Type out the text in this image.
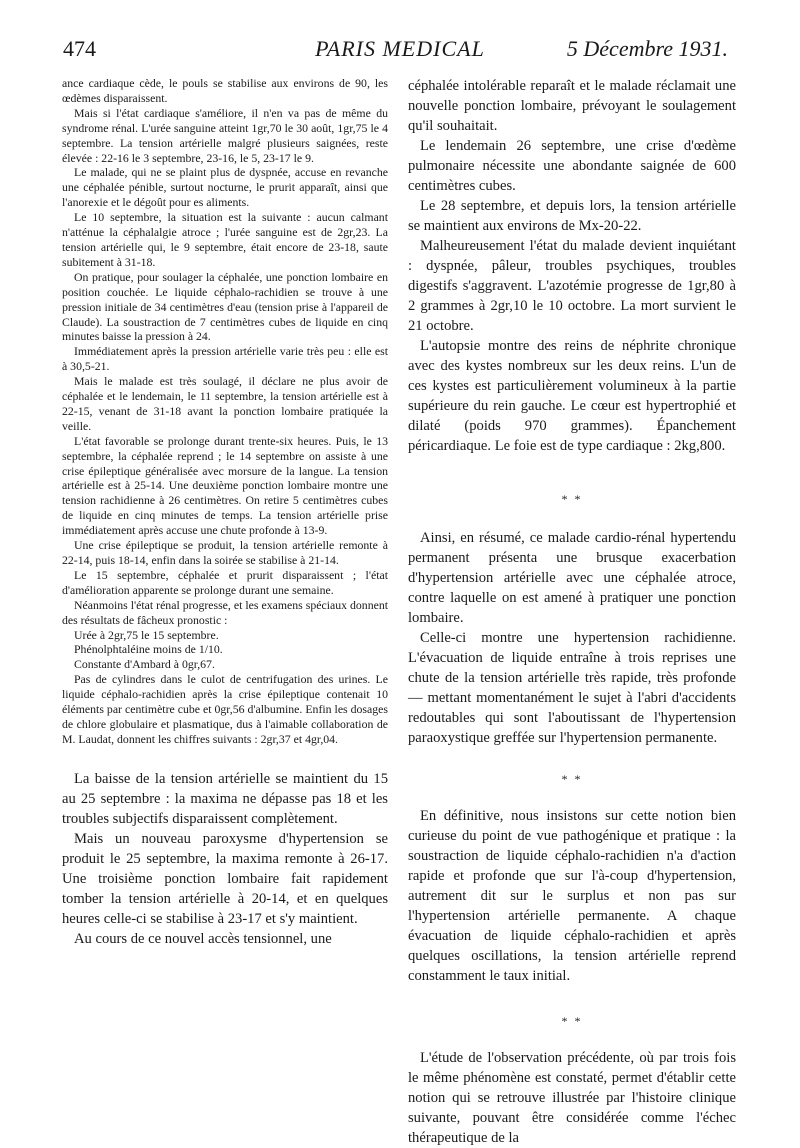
474	PARIS MEDICAL	5 Décembre 1931.

ance cardiaque cède, le pouls se stabilise aux environs de 90, les œdèmes disparaissent.

Mais si l'état cardiaque s'améliore, il n'en va pas de même du syndrome rénal. L'urée sanguine atteint 1gr,70 le 30 août, 1gr,75 le 4 septembre. La tension artérielle malgré plusieurs saignées, reste élevée : 22-16 le 3 septembre, 23-16, le 5, 23-17 le 9.

Le malade, qui ne se plaint plus de dyspnée, accuse en revanche une céphalée pénible, surtout nocturne, le prurit apparaît, ainsi que l'anorexie et le dégoût pour es aliments.

Le 10 septembre, la situation est la suivante : aucun calmant n'atténue la céphalalgie atroce ; l'urée sanguine est de 2gr,23. La tension artérielle qui, le 9 septembre, était encore de 23-18, saute subitement à 31-18.

On pratique, pour soulager la céphalée, une ponction lombaire en position couchée. Le liquide céphalo-rachidien se trouve à une pression initiale de 34 centimètres d'eau (tension prise à l'appareil de Claude). La soustraction de 7 centimètres cubes de liquide en cinq minutes baisse la pression à 24.

Immédiatement après la pression artérielle varie très peu : elle est à 30,5-21.

Mais le malade est très soulagé, il déclare ne plus avoir de céphalée et le lendemain, le 11 septembre, la tension artérielle est à 22-15, venant de 31-18 avant la ponction lombaire pratiquée la veille.

L'état favorable se prolonge durant trente-six heures. Puis, le 13 septembre, la céphalée reprend ; le 14 septembre on assiste à une crise épileptique généralisée avec morsure de la langue. La tension artérielle est à 25-14. Une deuxième ponction lombaire montre une tension rachidienne à 26 centimètres. On retire 5 centimètres cubes de liquide en cinq minutes de temps. La tension artérielle prise immédiatement après accuse une chute profonde à 13-9.

Une crise épileptique se produit, la tension artérielle remonte à 22-14, puis 18-14, enfin dans la soirée se stabilise à 21-14.

Le 15 septembre, céphalée et prurit disparaissent ; l'état d'amélioration apparente se prolonge durant une semaine.

Néanmoins l'état rénal progresse, et les examens spéciaux donnent des résultats de fâcheux pronostic :

Urée à 2gr,75 le 15 septembre.

Phénolphtaléine moins de 1/10.

Constante d'Ambard à 0gr,67.

Pas de cylindres dans le culot de centrifugation des urines. Le liquide céphalo-rachidien après la crise épileptique contenait 10 éléments par centimètre cube et 0gr,56 d'albumine. Enfin les dosages de chlore globulaire et plasmatique, dus à l'aimable collaboration de M. Laudat, donnent les chiffres suivants : 2gr,37 et 4gr,04.

La baisse de la tension artérielle se maintient du 15 au 25 septembre : la maxima ne dépasse pas 18 et les troubles subjectifs disparaissent complètement.

Mais un nouveau paroxysme d'hypertension se produit le 25 septembre, la maxima remonte à 26-17. Une troisième ponction lombaire fait rapidement tomber la tension artérielle à 20-14, et en quelques heures celle-ci se stabilise à 23-17 et s'y maintient.

Au cours de ce nouvel accès tensionnel, une

céphalée intolérable reparaît et le malade réclamait une nouvelle ponction lombaire, prévoyant le soulagement qu'il souhaitait.

Le lendemain 26 septembre, une crise d'œdème pulmonaire nécessite une abondante saignée de 600 centimètres cubes.

Le 28 septembre, et depuis lors, la tension artérielle se maintient aux environs de Mx-20-22.

Malheureusement l'état du malade devient inquiétant : dyspnée, pâleur, troubles psychiques, troubles digestifs s'aggravent. L'azotémie progresse de 1gr,80 à 2 grammes à 2gr,10 le 10 octobre. La mort survient le 21 octobre.

L'autopsie montre des reins de néphrite chronique avec des kystes nombreux sur les deux reins. L'un de ces kystes est particulièrement volumineux à la partie supérieure du rein gauche. Le cœur est hypertrophié et dilaté (poids 970 grammes). Épanchement péricardiaque. Le foie est de type cardiaque : 2kg,800.

* *

Ainsi, en résumé, ce malade cardio-rénal hypertendu permanent présenta une brusque exacerbation d'hypertension artérielle avec une céphalée atroce, contre laquelle on est amené à pratiquer une ponction lombaire.

Celle-ci montre une hypertension rachidienne. L'évacuation de liquide entraîne à trois reprises une chute de la tension artérielle très rapide, très profonde — mettant momentanément le sujet à l'abri d'accidents redoutables qui sont l'aboutissant de l'hypertension paraoxystique greffée sur l'hypertension permanente.

* *

En définitive, nous insistons sur cette notion bien curieuse du point de vue pathogénique et pratique : la soustraction de liquide céphalo-rachidien n'a d'action rapide et profonde que sur l'à-coup d'hypertension, autrement dit sur le surplus et non pas sur l'hypertension artérielle permanente. A chaque évacuation de liquide céphalo-rachidien et après quelques oscillations, la tension artérielle reprend constamment le taux initial.

* *

L'étude de l'observation précédente, où par trois fois le même phénomène est constaté, permet d'établir cette notion qui se retrouve illustrée par l'histoire clinique suivante, pouvant être considérée comme l'échec thérapeutique de la
